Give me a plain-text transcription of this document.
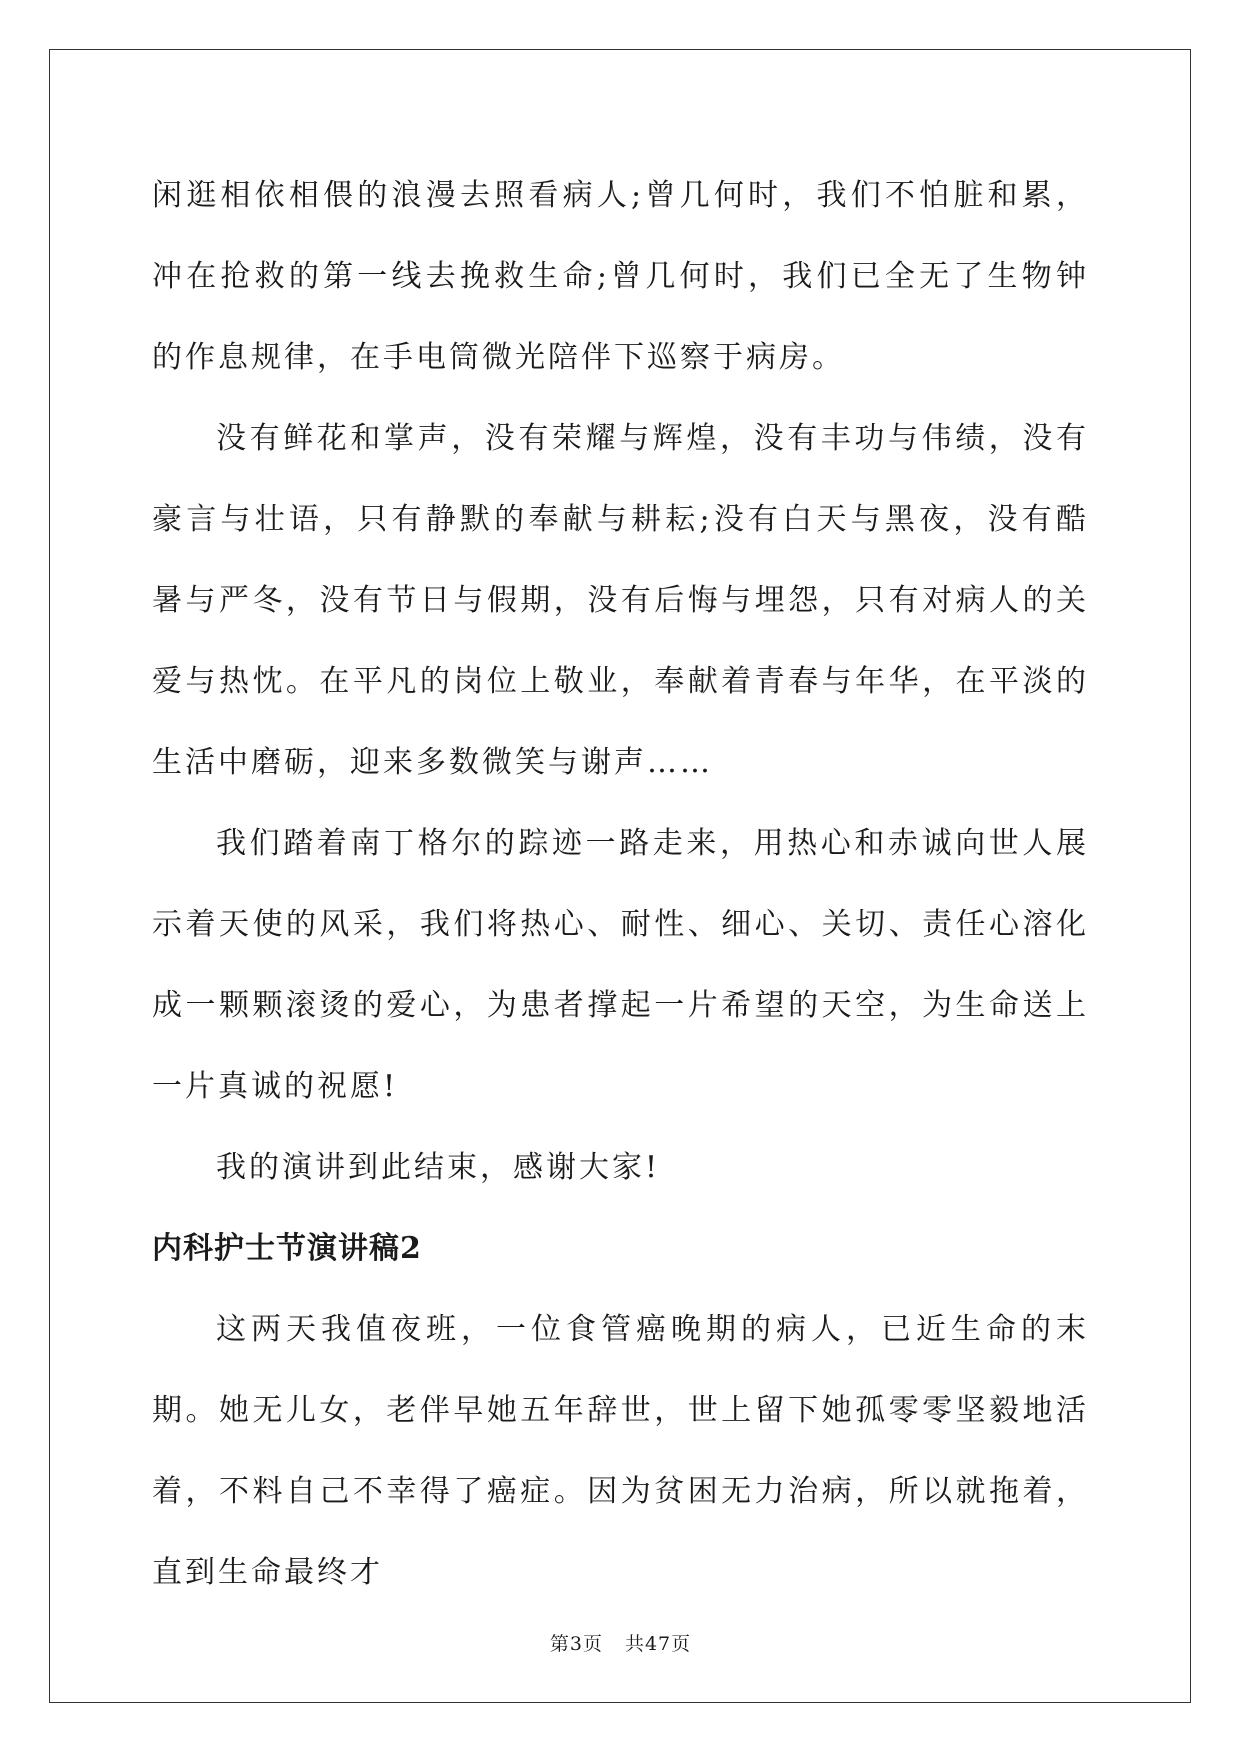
闲逛相依相偎的浪漫去照看病人;曾几何时，我们不怕脏和累，冲在抢救的第一线去挽救生命;曾几何时，我们已全无了生物钟的作息规律，在手电筒微光陪伴下巡察于病房。

没有鲜花和掌声，没有荣耀与辉煌，没有丰功与伟绩，没有豪言与壮语，只有静默的奉献与耕耘;没有白天与黑夜，没有酷暑与严冬，没有节日与假期，没有后悔与埋怨，只有对病人的关爱与热忱。在平凡的岗位上敬业，奉献着青春与年华，在平淡的生活中磨砺，迎来多数微笑与谢声……

我们踏着南丁格尔的踪迹一路走来，用热心和赤诚向世人展示着天使的风采，我们将热心、耐性、细心、关切、责任心溶化成一颗颗滚烫的爱心，为患者撑起一片希望的天空，为生命送上一片真诚的祝愿!

我的演讲到此结束，感谢大家!

内科护士节演讲稿2

这两天我值夜班，一位食管癌晚期的病人，已近生命的末期。她无儿女，老伴早她五年辞世，世上留下她孤零零坚毅地活着，不料自己不幸得了癌症。因为贫困无力治病，所以就拖着，直到生命最终才

第3页 共47页
